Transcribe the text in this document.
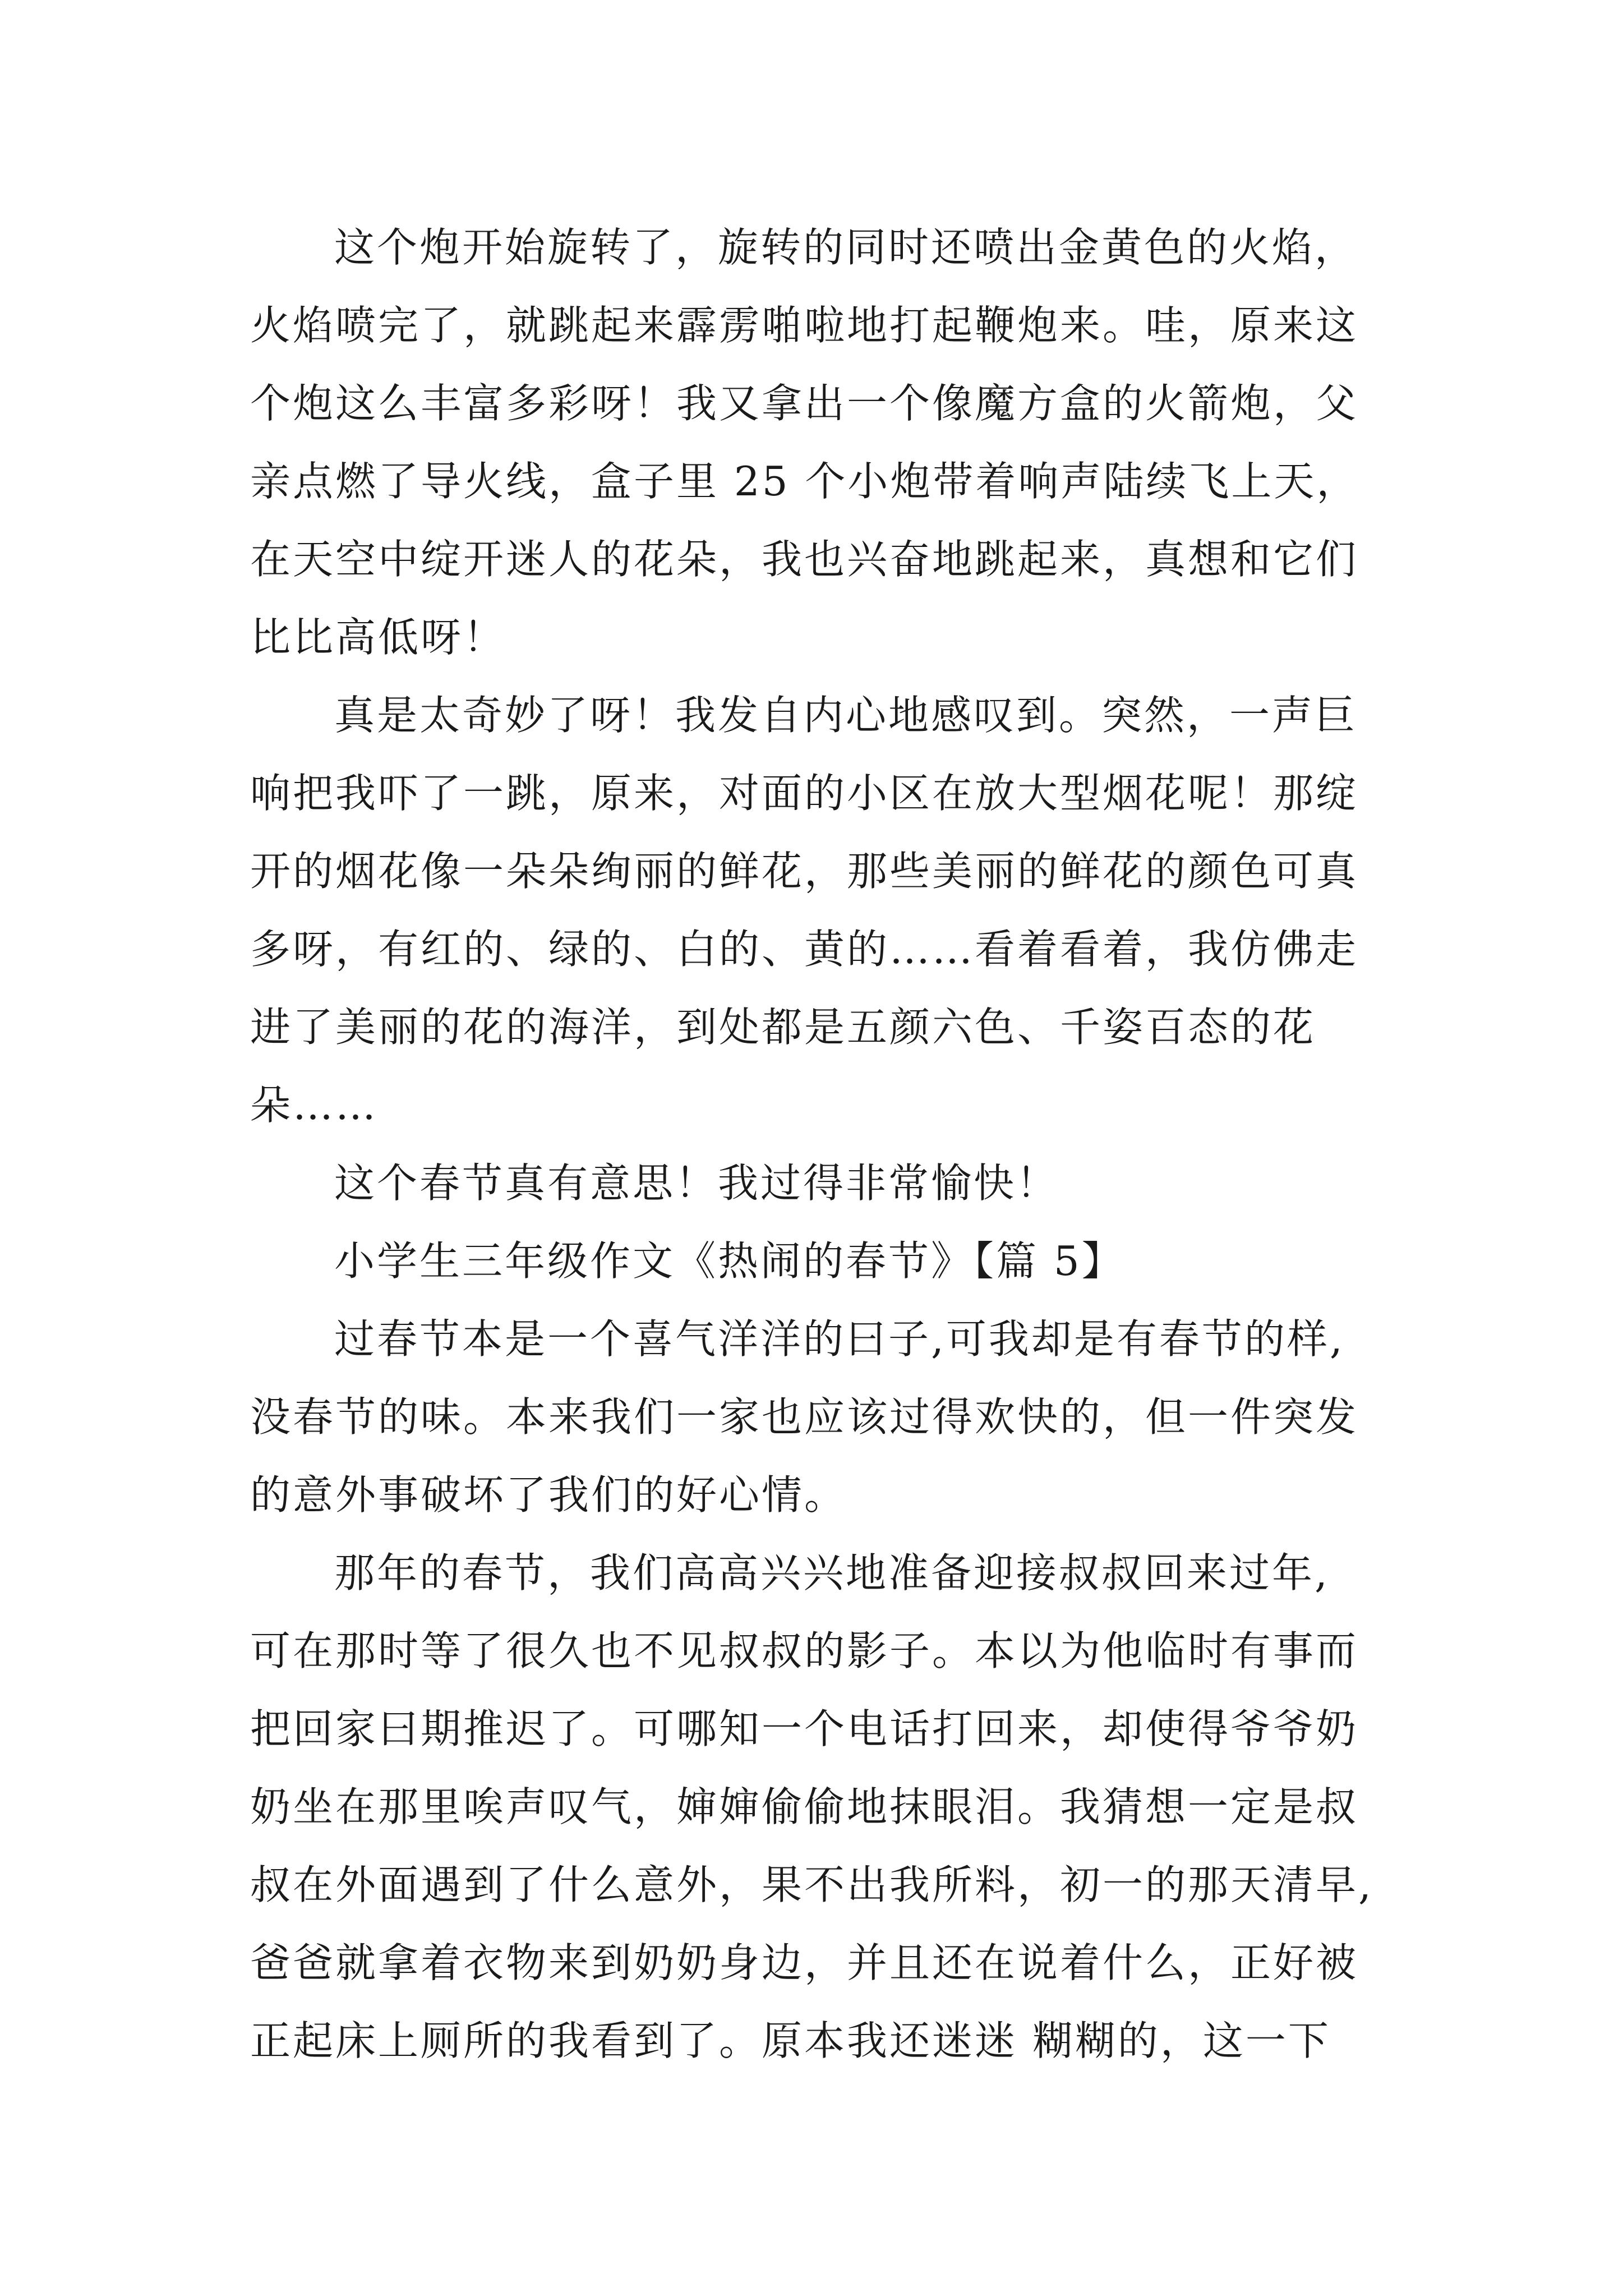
这个炮开始旋转了，旋转的同时还喷出金黄色的火焰，
火焰喷完了，就跳起来霹雳啪啦地打起鞭炮来。哇，原来这
个炮这么丰富多彩呀！我又拿出一个像魔方盒的火箭炮，父
亲点燃了导火线，盒子里 25 个小炮带着响声陆续飞上天，
在天空中绽开迷人的花朵，我也兴奋地跳起来，真想和它们
比比高低呀！
真是太奇妙了呀！我发自内心地感叹到。突然，一声巨
响把我吓了一跳，原来，对面的小区在放大型烟花呢！那绽
开的烟花像一朵朵绚丽的鲜花，那些美丽的鲜花的颜色可真
多呀，有红的、绿的、白的、黄的……看着看着，我仿佛走
进了美丽的花的海洋，到处都是五颜六色、千姿百态的花
朵……
这个春节真有意思！我过得非常愉快！
小学生三年级作文《热闹的春节》【篇 5】
过春节本是一个喜气洋洋的曰子,可我却是有春节的样,
没春节的味。本来我们一家也应该过得欢快的，但一件突发
的意外事破坏了我们的好心情。
那年的春节，我们高高兴兴地准备迎接叔叔回来过年,
可在那时等了很久也不见叔叔的影子。本以为他临时有事而
把回家曰期推迟了。可哪知一个电话打回来，却使得爷爷奶
奶坐在那里唉声叹气，婶婶偷偷地抹眼泪。我猜想一定是叔
叔在外面遇到了什么意外，果不出我所料，初一的那天清早,
爸爸就拿着衣物来到奶奶身边，并且还在说着什么，正好被
正起床上厕所的我看到了。原本我还迷迷 糊糊的，这一下
